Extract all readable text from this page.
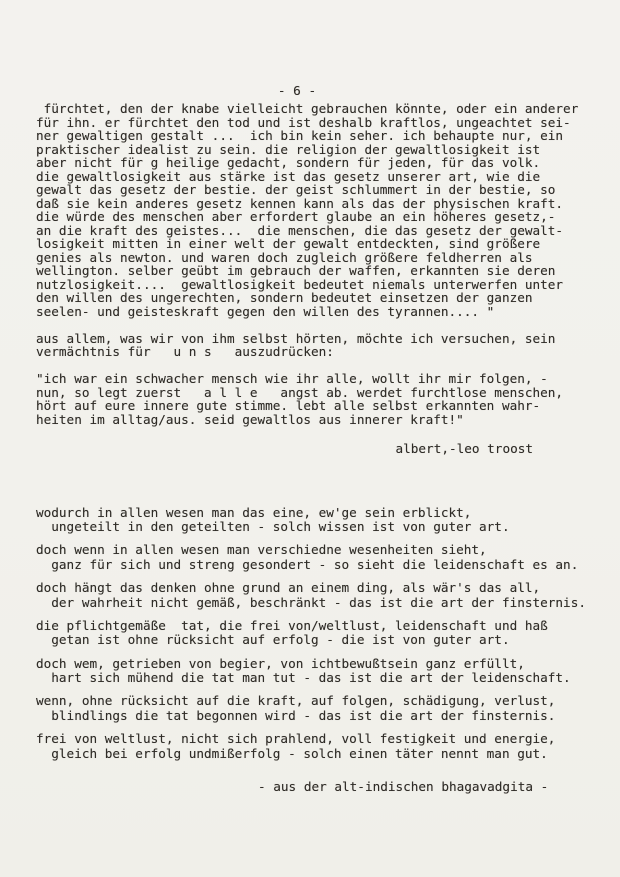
- 6 -
fürchtet, den der knabe vielleicht gebrauchen könnte, oder ein anderer
für ihn. er fürchtet den tod und ist deshalb kraftlos, ungeachtet sei-
ner gewaltigen gestalt ...  ich bin kein seher. ich behaupte nur, ein
praktischer idealist zu sein. die religion der gewaltlosigkeit ist
aber nicht für g heilige gedacht, sondern für jeden, für das volk.
die gewaltlosigkeit aus stärke ist das gesetz unserer art, wie die
gewalt das gesetz der bestie. der geist schlummert in der bestie, so
daß sie kein anderes gesetz kennen kann als das der physischen kraft.
die würde des menschen aber erfordert glaube an ein höheres gesetz,-
an die kraft des geistes...  die menschen, die das gesetz der gewalt-
losigkeit mitten in einer welt der gewalt entdeckten, sind größere
genies als newton. und waren doch zugleich größere feldherren als
wellington. selber geübt im gebrauch der waffen, erkannten sie deren
nutzlosigkeit....  gewaltlosigkeit bedeutet niemals unterwerfen unter
den willen des ungerechten, sondern bedeutet einsetzen der ganzen
seelen- und geisteskraft gegen den willen des tyrannen.... "
aus allem, was wir von ihm selbst hörten, möchte ich versuchen, sein
vermächtnis für   u n s   auszudrücken:
"ich war ein schwacher mensch wie ihr alle, wollt ihr mir folgen, -
nun, so legt zuerst   a l l e   angst ab. werdet furchtlose menschen,
hört auf eure innere gute stimme. lebt alle selbst erkannten wahr-
heiten im alltag/aus. seid gewaltlos aus innerer kraft!"
albert,-leo troost
wodurch in allen wesen man das eine, ew'ge sein erblickt,
ungeteilt in den geteilten - solch wissen ist von guter art.
doch wenn in allen wesen man verschiedne wesenheiten sieht,
ganz für sich und streng gesondert - so sieht die leidenschaft es an.
doch hängt das denken ohne grund an einem ding, als wär's das all,
der wahrheit nicht gemäß, beschränkt - das ist die art der finsternis.
die pflichtgemäße  tat, die frei von/weltlust, leidenschaft und haß
getan ist ohne rücksicht auf erfolg - die ist von guter art.
doch wem, getrieben von begier, von ichtbewußtsein ganz erfüllt,
hart sich mühend die tat man tut - das ist die art der leidenschaft.
wenn, ohne rücksicht auf die kraft, auf folgen, schädigung, verlust,
blindlings die tat begonnen wird - das ist die art der finsternis.
frei von weltlust, nicht sich prahlend, voll festigkeit und energie,
gleich bei erfolg undmißerfolg - solch einen täter nennt man gut.
- aus der alt-indischen bhagavadgita -
